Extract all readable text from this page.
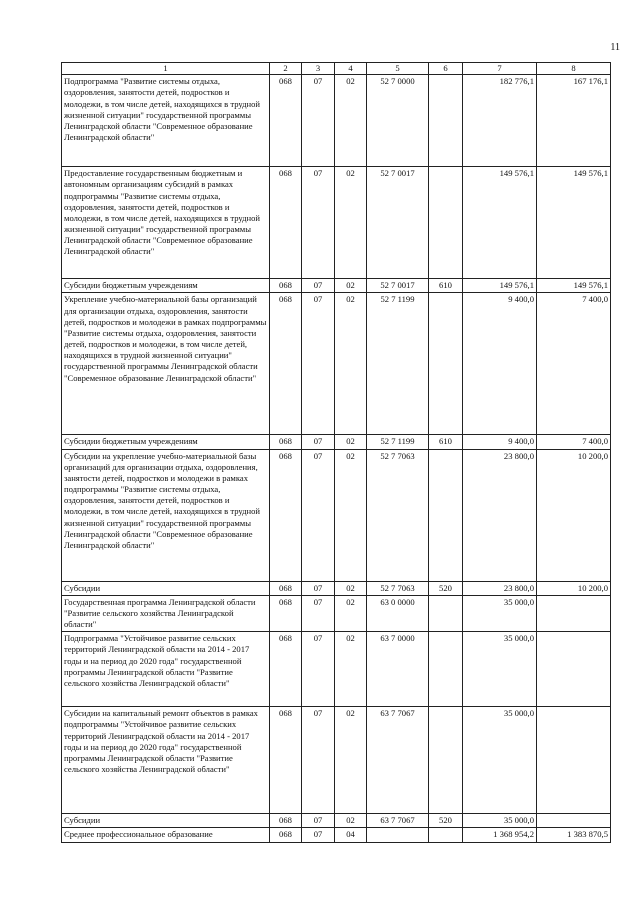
11
1	2	3	4	5	6	7	8
Подпрограмма "Развитие системы отдыха, оздоровления, занятости детей, подростков и молодежи, в том числе детей, находящихся в трудной жизненной ситуации" государственной программы Ленинградской области "Современное образование Ленинградской области"	068	07	02	52 7 0000		182 776,1	167 176,1
Предоставление государственным бюджетным и автономным организациям субсидий в рамках подпрограммы "Развитие системы отдыха, оздоровления, занятости детей, подростков и молодежи, в том числе детей, находящихся в трудной жизненной ситуации" государственной программы Ленинградской области "Современное образование Ленинградской области"	068	07	02	52 7 0017		149 576,1	149 576,1
Субсидии бюджетным учреждениям	068	07	02	52 7 0017	610	149 576,1	149 576,1
Укрепление учебно-материальной базы организаций для организации отдыха, оздоровления, занятости детей, подростков и молодежи в рамках подпрограммы "Развитие системы отдыха, оздоровления, занятости детей, подростков и молодежи, в том числе детей, находящихся в трудной жизненной ситуации" государственной программы Ленинградской области "Современное образование Ленинградской области"	068	07	02	52 7 1199		9 400,0	7 400,0
Субсидии бюджетным учреждениям	068	07	02	52 7 1199	610	9 400,0	7 400,0
Субсидии на укрепление учебно-материальной базы организаций для организации отдыха, оздоровления, занятости детей, подростков и молодежи в рамках подпрограммы "Развитие системы отдыха, оздоровления, занятости детей, подростков и молодежи, в том числе детей, находящихся в трудной жизненной ситуации" государственной программы Ленинградской области "Современное образование Ленинградской области"	068	07	02	52 7 7063		23 800,0	10 200,0
Субсидии	068	07	02	52 7 7063	520	23 800,0	10 200,0
Государственная программа Ленинградской области "Развитие сельского хозяйства Ленинградской области"	068	07	02	63 0 0000		35 000,0	
Подпрограмма "Устойчивое развитие сельских территорий Ленинградской области на 2014 - 2017 годы и на период до 2020 года" государственной программы Ленинградской области "Развитие сельского хозяйства Ленинградской области"	068	07	02	63 7 0000		35 000,0	
Субсидии на капитальный ремонт объектов в рамках подпрограммы "Устойчивое развитие сельских территорий Ленинградской области на 2014 - 2017 годы и на период до 2020 года" государственной программы Ленинградской области "Развитие сельского хозяйства Ленинградской области"	068	07	02	63 7 7067		35 000,0	
Субсидии	068	07	02	63 7 7067	520	35 000,0	
Среднее профессиональное образование	068	07	04			1 368 954,2	1 383 870,5
